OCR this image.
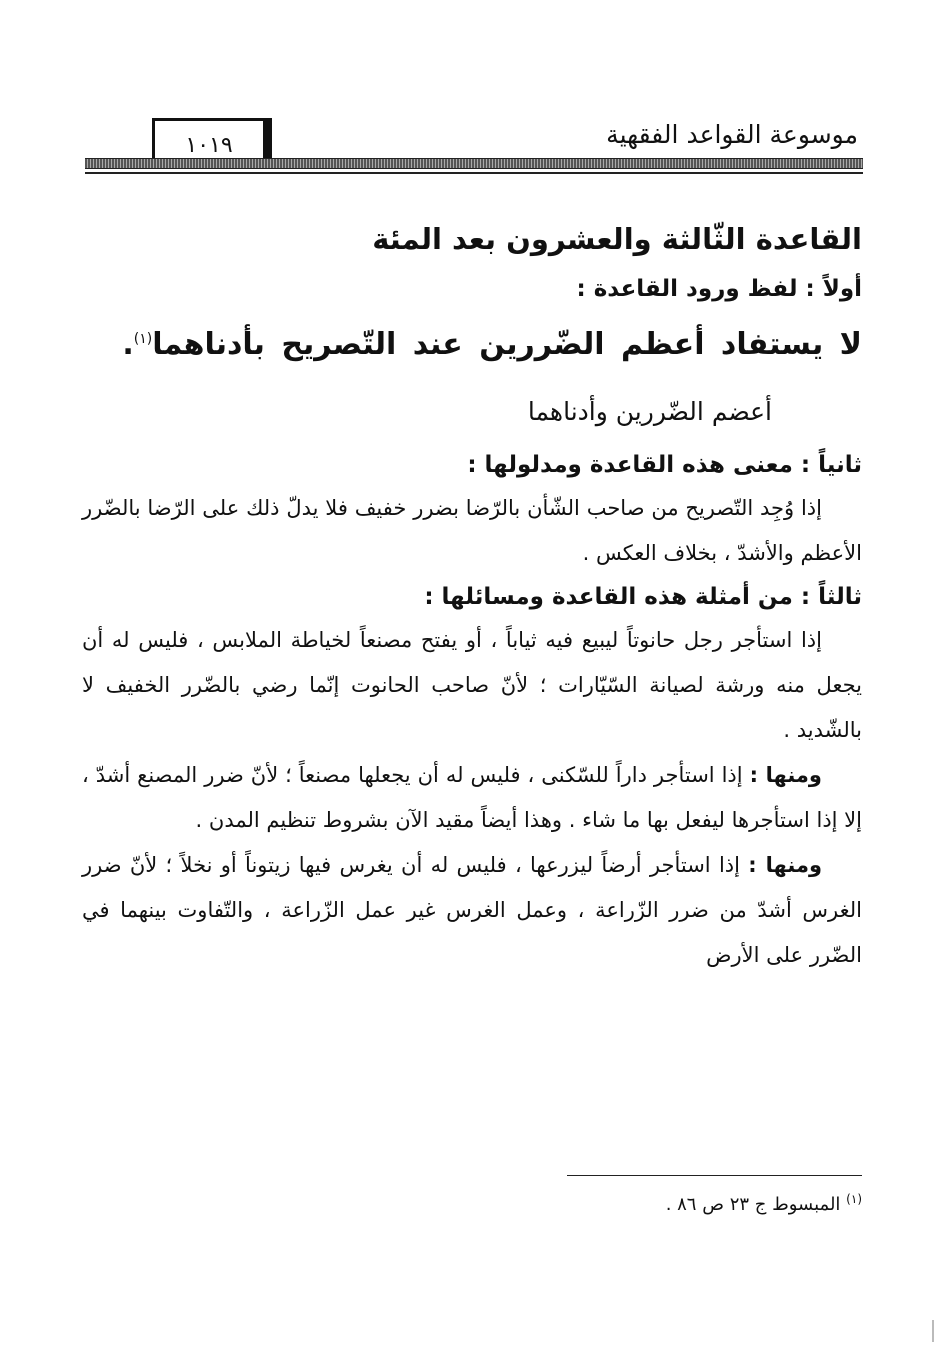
موسوعة القواعد الفقهية
١٠١٩
القاعدة الثّالثة والعشرون بعد المئة
أولاً : لفظ ورود القاعدة :
لا يستفاد أعظم الضّررين عند التّصريح بأدناهما$^{(١)}$.
أعضم الضّررين وأدناهما
ثانياً : معنى هذه القاعدة ومدلولها :
إذا وُجِد التّصريح من صاحب الشّأن بالرّضا بضرر خفيف فلا يدلّ ذلك على الرّضا بالضّرر الأعظم والأشدّ ، بخلاف العكس .
ثالثاً : من أمثلة هذه القاعدة ومسائلها :
إذا استأجر رجل حانوتاً ليبيع فيه ثياباً ، أو يفتح مصنعاً لخياطة الملابس ، فليس له أن يجعل منه ورشة لصيانة السّيّارات ؛ لأنّ صاحب الحانوت إنّما رضي بالضّرر الخفيف لا بالشّديد .
ومنها : إذا استأجر داراً للسّكنى ، فليس له أن يجعلها مصنعاً ؛ لأنّ ضرر المصنع أشدّ ، إلا إذا استأجرها ليفعل بها ما شاء . وهذا أيضاً مقيد الآن بشروط تنظيم المدن .
ومنها : إذا استأجر أرضاً ليزرعها ، فليس له أن يغرس فيها زيتوناً أو نخلاً ؛ لأنّ ضرر الغرس أشدّ من ضرر الزّراعة ، وعمل الغرس غير عمل الزّراعة ، والتّفاوت بينهما في الضّرر على الأرض
$^{(١)}$ المبسوط ج ٢٣ ص ٨٦ .
